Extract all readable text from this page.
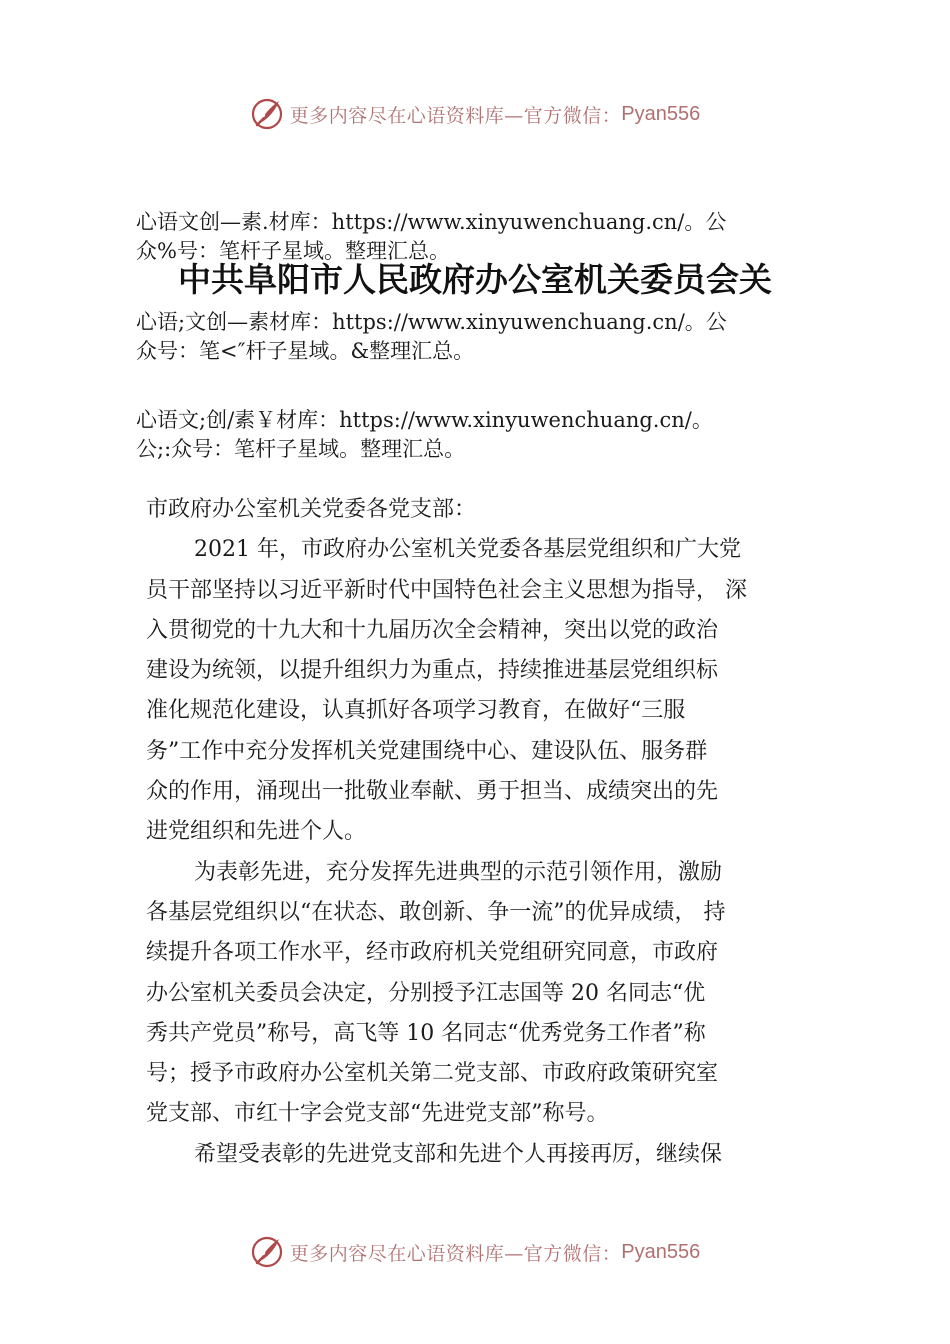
更多内容尽在心语资料库—官方微信： Pyan556
心语文创—素.材库：https://www.xinyuwenchuang.cn/。公
众%号：笔杆子星域。整理汇总。
中共阜阳市人民政府办公室机关委员会关
心语;文创—素材库：https://www.xinyuwenchuang.cn/。公
众号：笔<″杆子星域。&整理汇总。
心语文;创/素￥材库：https://www.xinyuwenchuang.cn/。
公;:众号：笔杆子星域。整理汇总。

市政府办公室机关党委各党支部：

2021 年，市政府办公室机关党委各基层党组织和广大党
员干部坚持以习近平新时代中国特色社会主义思想为指导， 深
入贯彻党的十九大和十九届历次全会精神，突出以党的政治
建设为统领，以提升组织力为重点，持续推进基层党组织标
准化规范化建设，认真抓好各项学习教育，在做好“三服
务”工作中充分发挥机关党建围绕中心、建设队伍、服务群
众的作用，涌现出一批敬业奉献、勇于担当、成绩突出的先
进党组织和先进个人。

为表彰先进，充分发挥先进典型的示范引领作用，激励
各基层党组织以“在状态、敢创新、争一流”的优异成绩， 持
续提升各项工作水平，经市政府机关党组研究同意，市政府
办公室机关委员会决定，分别授予江志国等 20 名同志“优
秀共产党员”称号，高飞等 10 名同志“优秀党务工作者”称
号；授予市政府办公室机关第二党支部、市政府政策研究室
党支部、市红十字会党支部“先进党支部”称号。

希望受表彰的先进党支部和先进个人再接再厉，继续保

更多内容尽在心语资料库—官方微信： Pyan556
